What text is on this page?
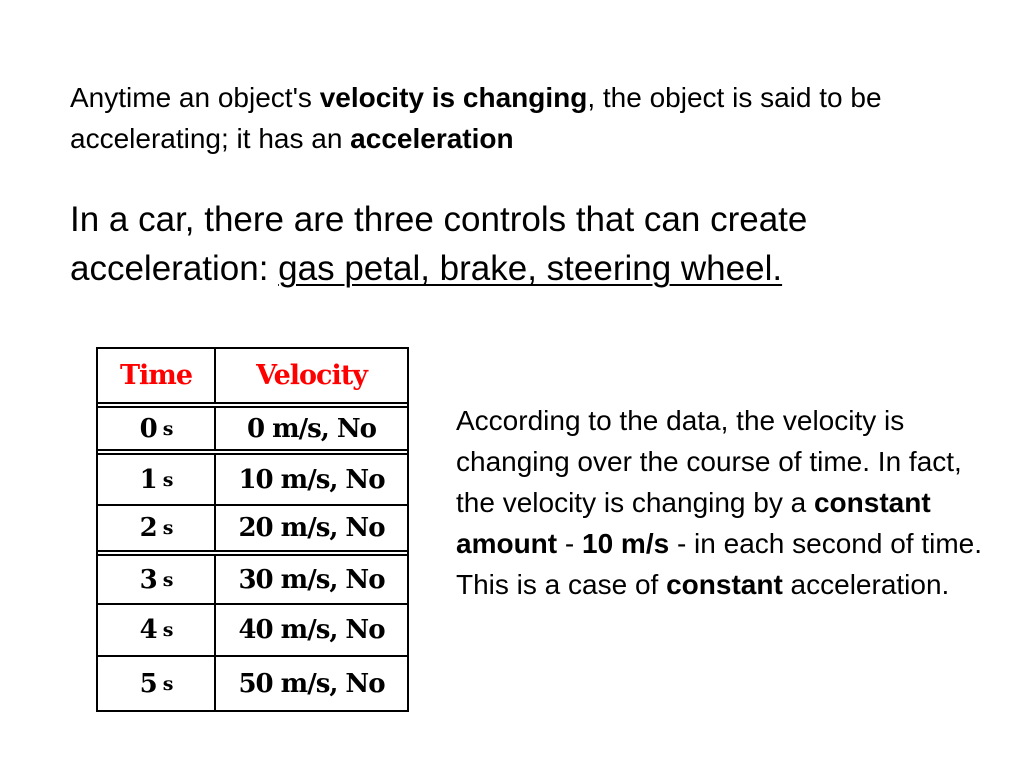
Anytime an object's velocity is changing, the object is said to be accelerating; it has an acceleration
In a car, there are three controls that can create acceleration: gas petal, brake, steering wheel.
Time	Velocity
0 s	0 m/s, No
1 s	10 m/s, No
2 s	20 m/s, No
3 s	30 m/s, No
4 s	40 m/s, No
5 s	50 m/s, No
According to the data, the velocity is changing over the course of time. In fact, the velocity is changing by a constant amount - 10 m/s - in each second of time. This is a case of constant acceleration.
